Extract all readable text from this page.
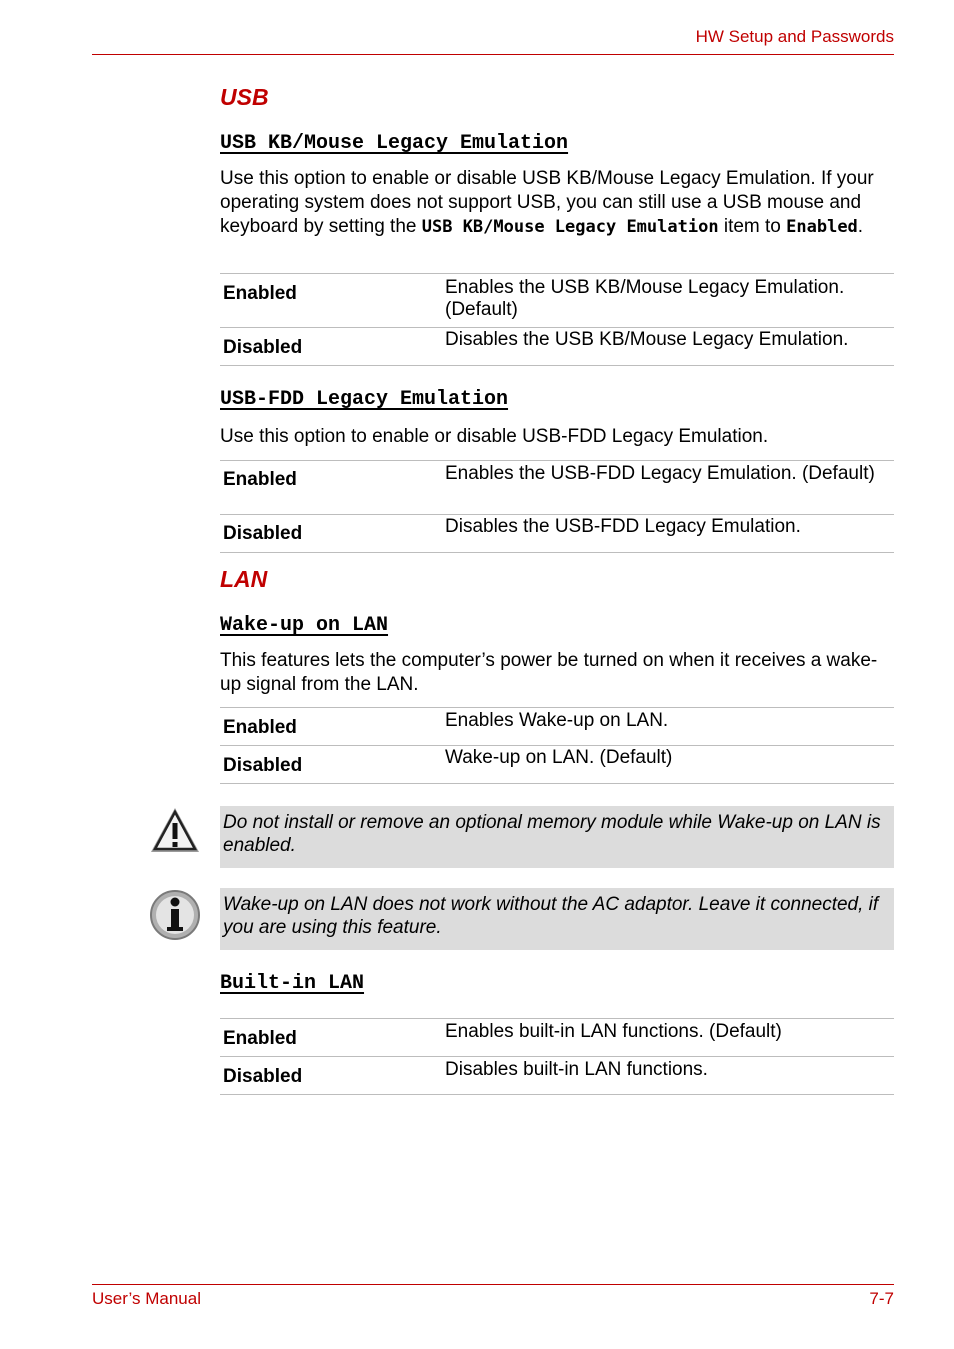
HW Setup and Passwords
USB
USB KB/Mouse Legacy Emulation
Use this option to enable or disable USB KB/Mouse Legacy Emulation. If your operating system does not support USB, you can still use a USB mouse and keyboard by setting the USB KB/Mouse Legacy Emulation item to Enabled.
Enabled	Enables the USB KB/Mouse Legacy Emulation. (Default)

Disabled	Disables the USB KB/Mouse Legacy Emulation.
USB-FDD Legacy Emulation
Use this option to enable or disable USB-FDD Legacy Emulation.
Enabled	Enables the USB-FDD Legacy Emulation. (Default)

Disabled	Disables the USB-FDD Legacy Emulation.
LAN
Wake-up on LAN
This features lets the computer’s power be turned on when it receives a wake-up signal from the LAN.
Enabled	Enables Wake-up on LAN.

Disabled	Wake-up on LAN. (Default)
Do not install or remove an optional memory module while Wake-up on LAN is enabled.
Wake-up on LAN does not work without the AC adaptor. Leave it connected, if you are using this feature.
Built-in LAN
Enabled	Enables built-in LAN functions. (Default)

Disabled	Disables built-in LAN functions.
User’s Manual	7-7
